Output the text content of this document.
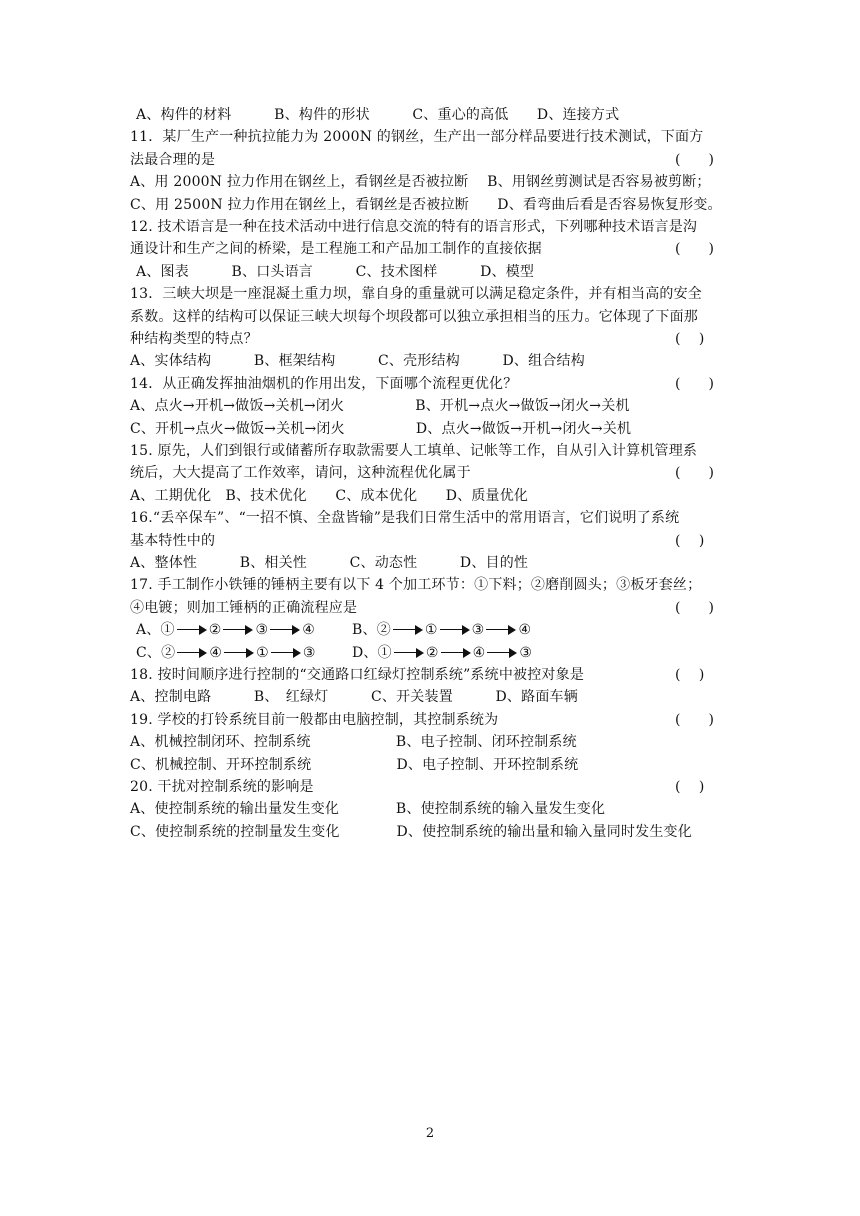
A、构件的材料　　　B、构件的形状　　　C、重心的高低　　D、连接方式
11．某厂生产一种抗拉能力为 2000N 的钢丝，生产出一部分样品要进行技术测试，下面方
法最合理的是	(　　)
A、用 2000N 拉力作用在钢丝上，看钢丝是否被拉断　 B、用钢丝剪测试是否容易被剪断；
C、用 2500N 拉力作用在钢丝上，看钢丝是否被拉断　　D、看弯曲后看是否容易恢复形变。
12. 技术语言是一种在技术活动中进行信息交流的特有的语言形式，下列哪种技术语言是沟
通设计和生产之间的桥梁，是工程施工和产品加工制作的直接依据	(　　)
A、图表　　　B、口头语言　　　C、技术图样　　　D、模型
13．三峡大坝是一座混凝土重力坝，靠自身的重量就可以满足稳定条件，并有相当高的安全
系数。这样的结构可以保证三峡大坝每个坝段都可以独立承担相当的压力。它体现了下面那
种结构类型的特点？	(　 )
A、实体结构　　　B、框架结构　　　C、壳形结构　　　D、组合结构
14．从正确发挥抽油烟机的作用出发，下面哪个流程更优化？	(　　)
A、点火→开机→做饭→关机→闭火　　　　　B、开机→点火→做饭→闭火→关机
C、开机→点火→做饭→关机→闭火　　　　　D、点火→做饭→开机→闭火→关机
15. 原先，人们到银行或储蓄所存取款需要人工填单、记帐等工作，自从引入计算机管理系
统后，大大提高了工作效率，请问，这种流程优化属于	(　　)
A、工期优化　B、技术优化　　C、成本优化　　D、质量优化
16.“丢卒保车”、“一招不慎、全盘皆输”是我们日常生活中的常用语言，它们说明了系统
基本特性中的	(　 )
A、整体性　　　B、相关性　　　C、动态性　　　D、目的性
17. 手工制作小铁锤的锤柄主要有以下 4 个加工环节：①下料；②磨削圆头；③板牙套丝；
④电镀；则加工锤柄的正确流程应是	(　　)
A、① ② ③ ④	B、② ① ③ ④
C、② ④ ① ③	D、① ② ④ ③
18. 按时间顺序进行控制的“交通路口红绿灯控制系统”系统中被控对象是	(　 )
A、控制电路　　　B、　红绿灯　　　C、开关装置　　　D、路面车辆
19. 学校的打铃系统目前一般都由电脑控制，其控制系统为	(　　)
A、机械控制闭环、控制系统　　　　　　B、电子控制、闭环控制系统
C、机械控制、开环控制系统　　　　　　D、电子控制、开环控制系统
20. 干扰对控制系统的影响是	(　 )
A、使控制系统的输出量发生变化　　　　B、使控制系统的输入量发生变化
C、使控制系统的控制量发生变化　　　　D、使控制系统的输出量和输入量同时发生变化
2
